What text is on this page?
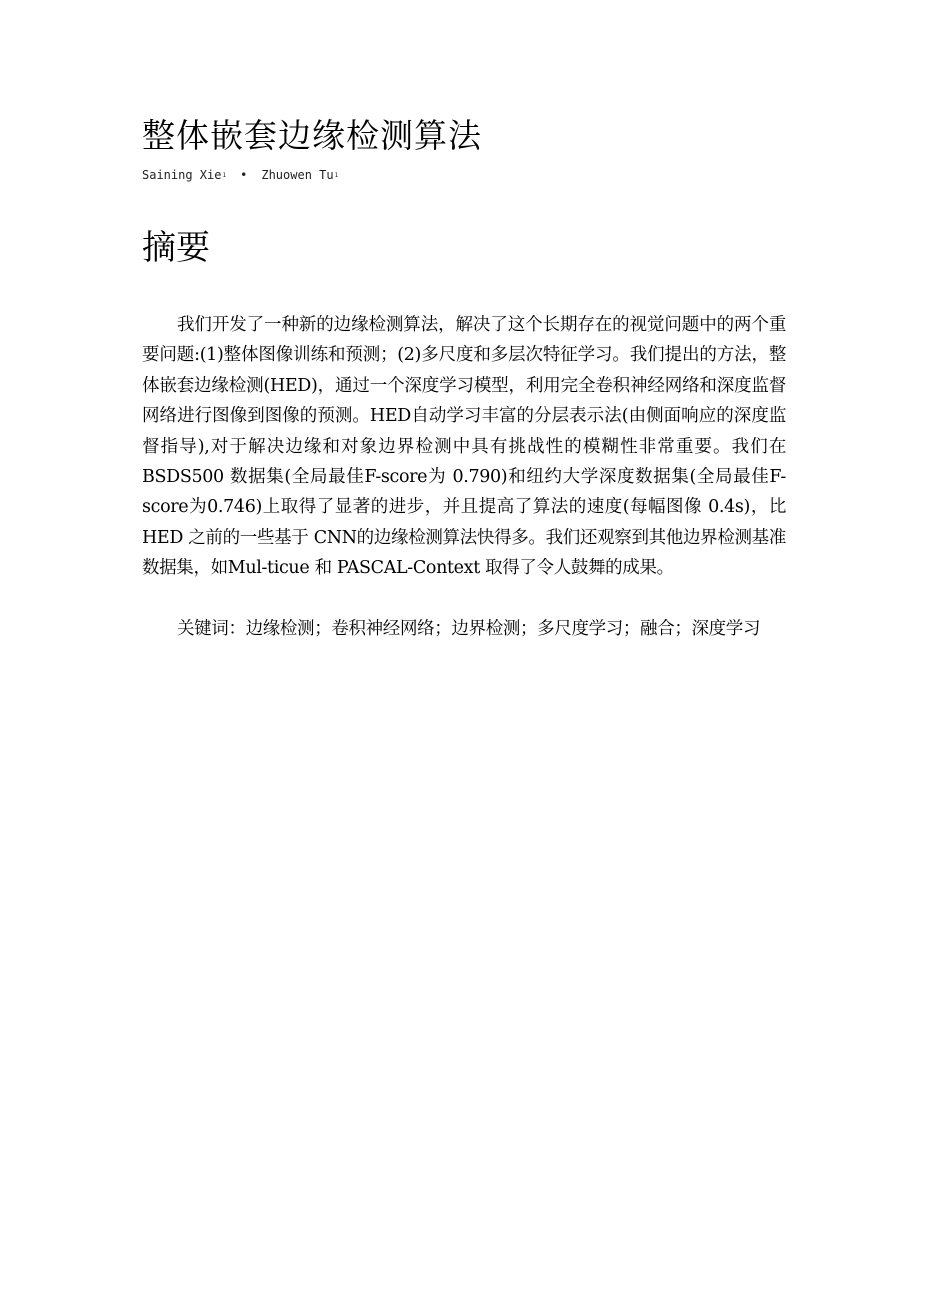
整体嵌套边缘检测算法
Saining Xie$^1$ • Zhuowen Tu$^1$
摘要

我们开发了一种新的边缘检测算法，解决了这个长期存在的视觉问题中的两个重要问题:(1)整体图像训练和预测；(2)多尺度和多层次特征学习。我们提出的方法，整体嵌套边缘检测(HED)，通过一个深度学习模型，利用完全卷积神经网络和深度监督网络进行图像到图像的预测。HED自动学习丰富的分层表示法(由侧面响应的深度监督指导),对于解决边缘和对象边界检测中具有挑战性的模糊性非常重要。我们在 BSDS500 数据集(全局最佳F-score为 0.790)和纽约大学深度数据集(全局最佳F-score为0.746)上取得了显著的进步，并且提高了算法的速度(每幅图像 0.4s)，比 HED 之前的一些基于 CNN的边缘检测算法快得多。我们还观察到其他边界检测基准数据集，如Mul-ticue 和 PASCAL-Context 取得了令人鼓舞的成果。

关键词：边缘检测；卷积神经网络；边界检测；多尺度学习；融合；深度学习
